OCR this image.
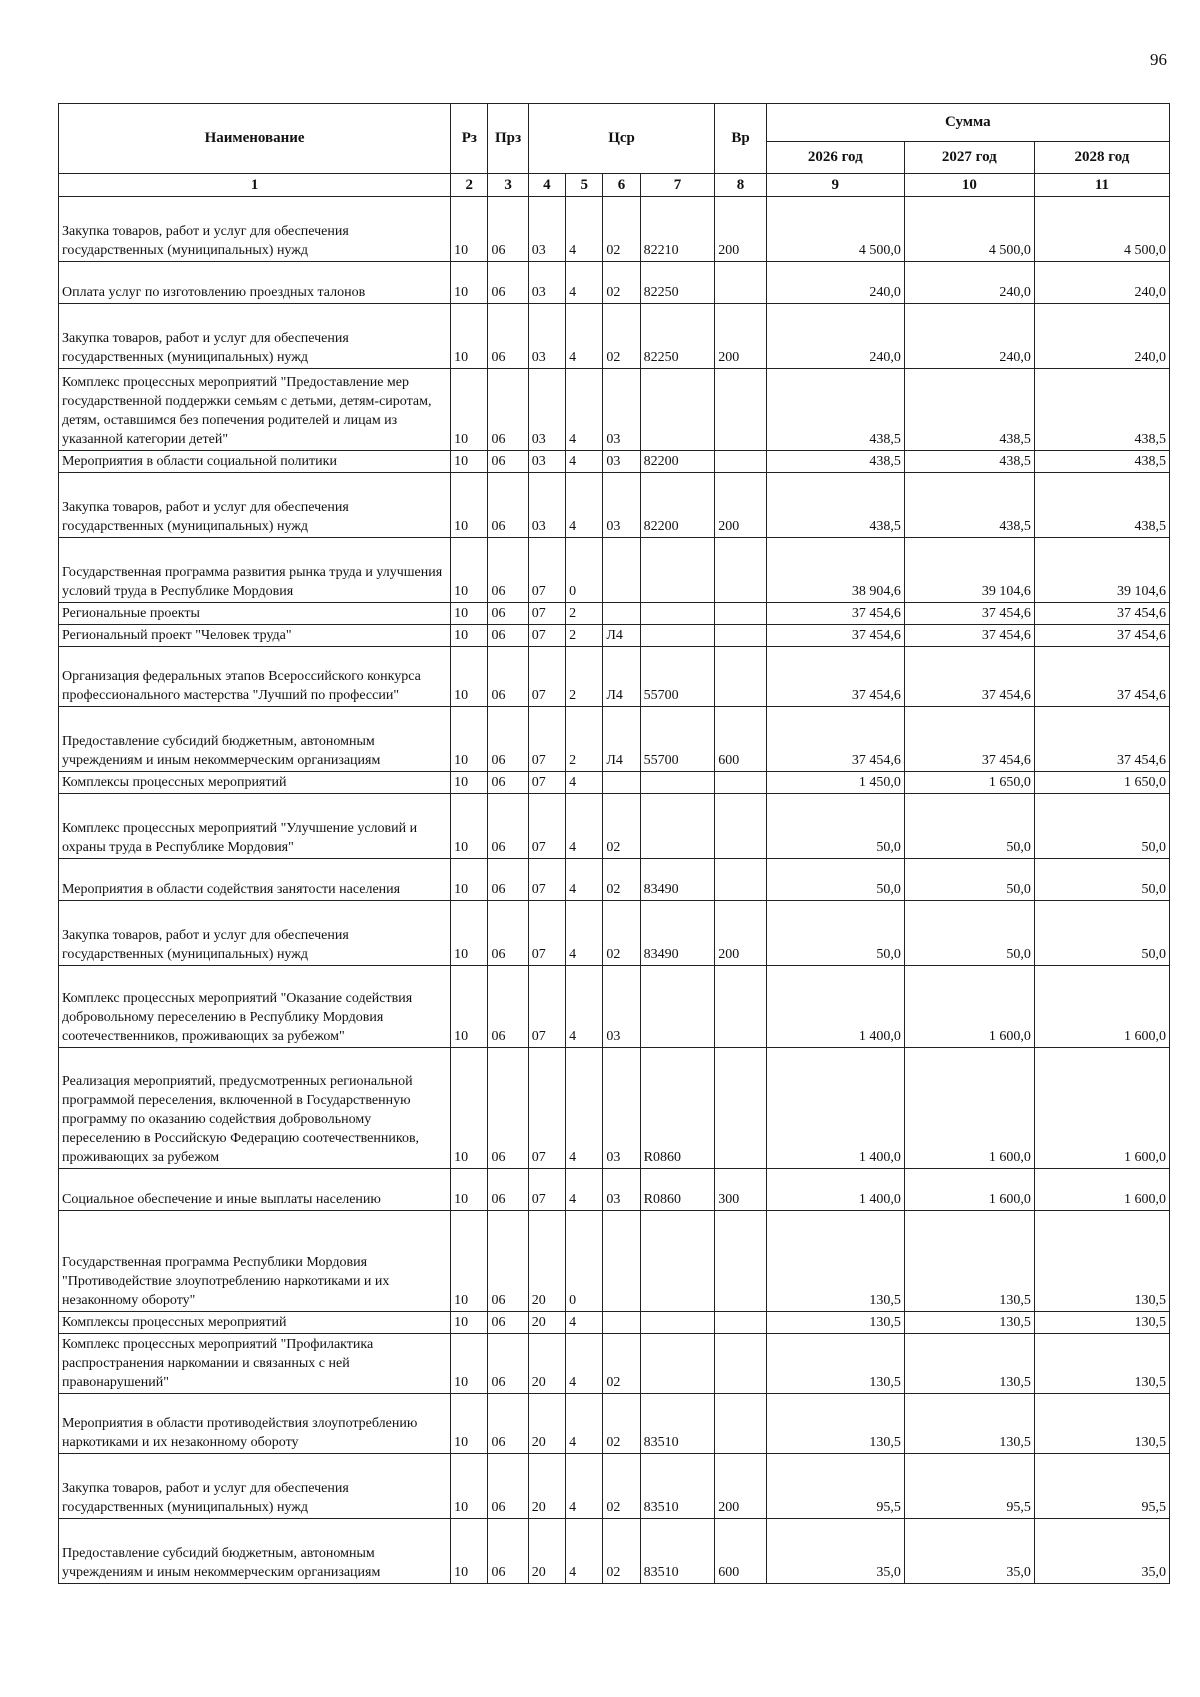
96
Наименование	Рз	Прз	Цср				Вр	Сумма		
								2026 год	2027 год	2028 год
1	2	3	4	5	6	7	8	9	10	11
Закупка товаров, работ и услуг для обеспечения государственных (муниципальных) нужд	10	06	03	4	02	82210	200	4 500,0	4 500,0	4 500,0
Оплата услуг по изготовлению проездных талонов	10	06	03	4	02	82250		240,0	240,0	240,0
Закупка товаров, работ и услуг для обеспечения государственных (муниципальных) нужд	10	06	03	4	02	82250	200	240,0	240,0	240,0
Комплекс процессных мероприятий "Предоставление мер государственной поддержки семьям с детьми, детям-сиротам, детям, оставшимся без попечения родителей и лицам из указанной категории детей"	10	06	03	4	03			438,5	438,5	438,5
Мероприятия в области социальной политики	10	06	03	4	03	82200		438,5	438,5	438,5
Закупка товаров, работ и услуг для обеспечения государственных (муниципальных) нужд	10	06	03	4	03	82200	200	438,5	438,5	438,5
Государственная программа развития рынка труда и улучшения условий труда в Республике Мордовия	10	06	07	0				38 904,6	39 104,6	39 104,6
Региональные проекты	10	06	07	2				37 454,6	37 454,6	37 454,6
Региональный проект "Человек труда"	10	06	07	2	Л4			37 454,6	37 454,6	37 454,6
Организация федеральных этапов Всероссийского конкурса профессионального мастерства "Лучший по профессии"	10	06	07	2	Л4	55700		37 454,6	37 454,6	37 454,6
Предоставление субсидий бюджетным, автономным учреждениям и иным некоммерческим организациям	10	06	07	2	Л4	55700	600	37 454,6	37 454,6	37 454,6
Комплексы процессных мероприятий	10	06	07	4				1 450,0	1 650,0	1 650,0
Комплекс процессных мероприятий "Улучшение условий и охраны труда в Республике Мордовия"	10	06	07	4	02			50,0	50,0	50,0
Мероприятия в области содействия занятости населения	10	06	07	4	02	83490		50,0	50,0	50,0
Закупка товаров, работ и услуг для обеспечения государственных (муниципальных) нужд	10	06	07	4	02	83490	200	50,0	50,0	50,0
Комплекс процессных мероприятий "Оказание содействия добровольному переселению в Республику Мордовия соотечественников, проживающих за рубежом"	10	06	07	4	03			1 400,0	1 600,0	1 600,0
Реализация мероприятий, предусмотренных региональной программой переселения, включенной в Государственную программу по оказанию содействия добровольному переселению в Российскую Федерацию соотечественников, проживающих за рубежом	10	06	07	4	03	R0860		1 400,0	1 600,0	1 600,0
Социальное обеспечение и иные выплаты населению	10	06	07	4	03	R0860	300	1 400,0	1 600,0	1 600,0
Государственная программа Республики Мордовия "Противодействие злоупотреблению наркотиками и их незаконному обороту"	10	06	20	0				130,5	130,5	130,5
Комплексы процессных мероприятий	10	06	20	4				130,5	130,5	130,5
Комплекс процессных мероприятий "Профилактика распространения наркомании и связанных с ней правонарушений"	10	06	20	4	02			130,5	130,5	130,5
Мероприятия в области противодействия злоупотреблению наркотиками и их незаконному обороту	10	06	20	4	02	83510		130,5	130,5	130,5
Закупка товаров, работ и услуг для обеспечения государственных (муниципальных) нужд	10	06	20	4	02	83510	200	95,5	95,5	95,5
Предоставление субсидий бюджетным, автономным учреждениям и иным некоммерческим организациям	10	06	20	4	02	83510	600	35,0	35,0	35,0
